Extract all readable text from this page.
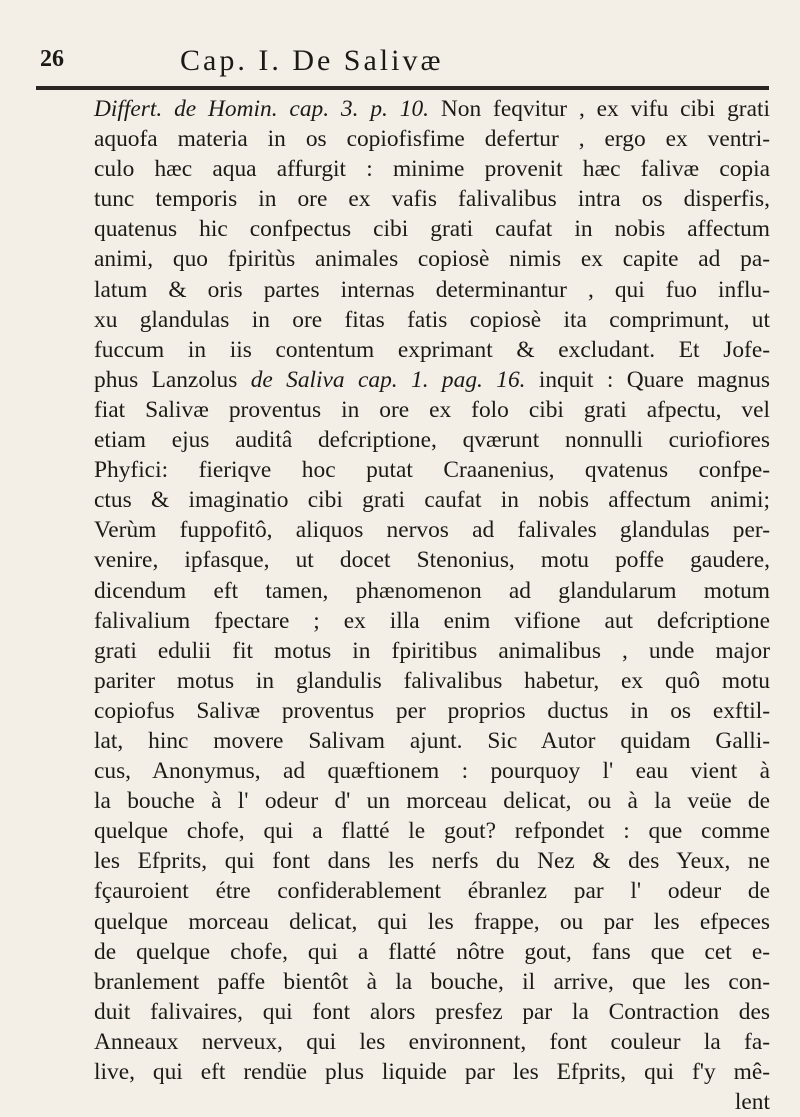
26	Cap. I. De Salivæ
Differt. de Homin. cap. 3. p. 10. Non feqvitur , ex vifu cibi grati
aquofa materia in os copiofisfime defertur , ergo ex ventri-
culo hæc aqua affurgit : minime provenit hæc falivæ copia
tunc temporis in ore ex vafis falivalibus intra os disperfis,
quatenus hic confpectus cibi grati caufat in nobis affectum
animi, quo fpiritùs animales copiosè nimis ex capite ad pa-
latum & oris partes internas determinantur , qui fuo influ-
xu glandulas in ore fitas fatis copiosè ita comprimunt, ut
fuccum in iis contentum exprimant & excludant. Et Jofe-
phus Lanzolus de Saliva cap. 1. pag. 16. inquit : Quare magnus
fiat Salivæ proventus in ore ex folo cibi grati afpectu, vel
etiam ejus auditâ defcriptione, qværunt nonnulli curiofiores
Phyfici: fieriqve hoc putat Craanenius, qvatenus confpe-
ctus & imaginatio cibi grati caufat in nobis affectum animi;
Verùm fuppofitô, aliquos nervos ad falivales glandulas per-
venire, ipfasque, ut docet Stenonius, motu poffe gaudere,
dicendum eft tamen, phænomenon ad glandularum motum
falivalium fpectare ; ex illa enim vifione aut defcriptione
grati edulii fit motus in fpiritibus animalibus , unde major
pariter motus in glandulis falivalibus habetur, ex quô motu
copiofus Salivæ proventus per proprios ductus in os exftil-
lat, hinc movere Salivam ajunt. Sic Autor quidam Galli-
cus, Anonymus, ad quæftionem : pourquoy l' eau vient à
la bouche à l' odeur d' un morceau delicat, ou à la veüe de
quelque chofe, qui a flatté le gout? refpondet : que comme
les Efprits, qui font dans les nerfs du Nez & des Yeux, ne
fçauroient étre confiderablement ébranlez par l' odeur de
quelque morceau delicat, qui les frappe, ou par les efpeces
de quelque chofe, qui a flatté nôtre gout, fans que cet e-
branlement paffe bientôt à la bouche, il arrive, que les con-
duit falivaires, qui font alors presfez par la Contraction des
Anneaux nerveux, qui les environnent, font couleur la fa-
live, qui eft rendüe plus liquide par les Efprits, qui f'y mê-
lent
